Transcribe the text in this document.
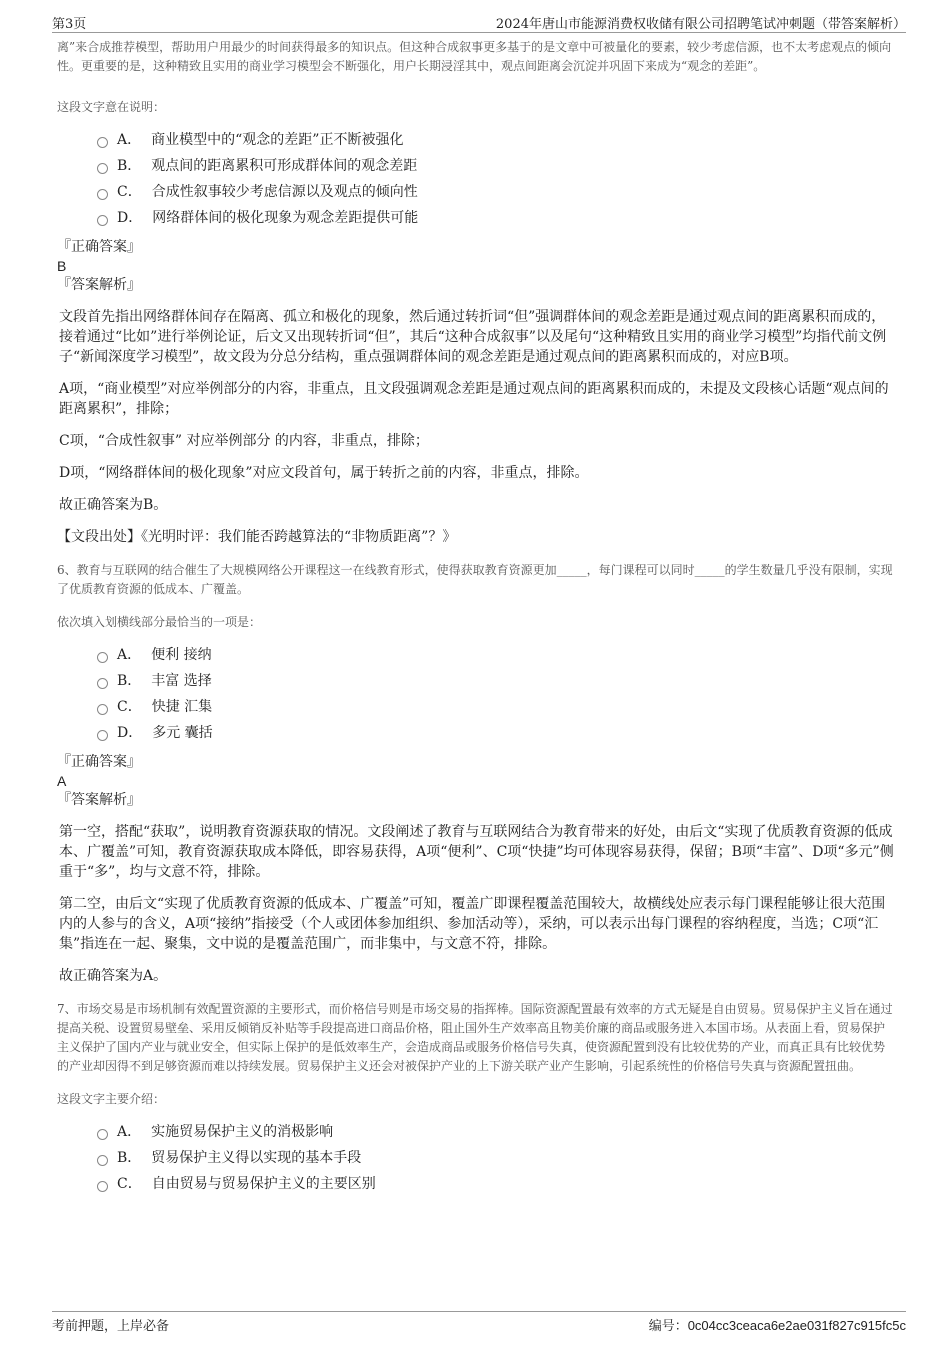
第3页	2024年唐山市能源消费权收储有限公司招聘笔试冲刺题（带答案解析）

离”来合成推荐模型，帮助用户用最少的时间获得最多的知识点。但这种合成叙事更多基于的是文章中可被量化的要素，较少考虑信源，也不太考虑观点的倾向性。更重要的是，这种精致且实用的商业学习模型会不断强化，用户长期浸淫其中，观点间距离会沉淀并巩固下来成为“观念的差距”。

这段文字意在说明：

A． 商业模型中的“观念的差距”正不断被强化
B． 观点间的距离累积可形成群体间的观念差距
C． 合成性叙事较少考虑信源以及观点的倾向性
D． 网络群体间的极化现象为观念差距提供可能

『正确答案』

B

『答案解析』

文段首先指出网络群体间存在隔离、孤立和极化的现象，然后通过转折词“但”强调群体间的观念差距是通过观点间的距离累积而成的，接着通过“比如”进行举例论证，后文又出现转折词“但”，其后“这种合成叙事”以及尾句“这种精致且实用的商业学习模型”均指代前文例子“新闻深度学习模型”，故文段为分总分结构，重点强调群体间的观念差距是通过观点间的距离累积而成的，对应B项。

A项，“商业模型”对应举例部分的内容，非重点，且文段强调观念差距是通过观点间的距离累积而成的，未提及文段核心话题“观点间的距离累积”，排除；

C项，“合成性叙事” 对应举例部分 的内容，非重点，排除；

D项，“网络群体间的极化现象”对应文段首句，属于转折之前的内容，非重点，排除。

故正确答案为B。

【文段出处】《光明时评：我们能否跨越算法的“非物质距离”？》

6、教育与互联网的结合催生了大规模网络公开课程这一在线教育形式，使得获取教育资源更加_____，每门课程可以同时_____的学生数量几乎没有限制，实现了优质教育资源的低成本、广覆盖。

依次填入划横线部分最恰当的一项是：

A． 便利 接纳
B． 丰富 选择
C． 快捷 汇集
D． 多元 囊括

『正确答案』

A

『答案解析』

第一空，搭配“获取”，说明教育资源获取的情况。文段阐述了教育与互联网结合为教育带来的好处，由后文“实现了优质教育资源的低成本、广覆盖”可知，教育资源获取成本降低，即容易获得，A项“便利”、C项“快捷”均可体现容易获得，保留；B项“丰富”、D项“多元”侧重于“多”，均与文意不符，排除。

第二空，由后文“实现了优质教育资源的低成本、广覆盖”可知，覆盖广即课程覆盖范围较大，故横线处应表示每门课程能够让很大范围内的人参与的含义，A项“接纳”指接受（个人或团体参加组织、参加活动等），采纳，可以表示出每门课程的容纳程度，当选；C项“汇集”指连在一起、聚集，文中说的是覆盖范围广，而非集中，与文意不符，排除。

故正确答案为A。

7、市场交易是市场机制有效配置资源的主要形式，而价格信号则是市场交易的指挥棒。国际资源配置最有效率的方式无疑是自由贸易。贸易保护主义旨在通过提高关税、设置贸易壁垒、采用反倾销反补贴等手段提高进口商品价格，阻止国外生产效率高且物美价廉的商品或服务进入本国市场。从表面上看，贸易保护主义保护了国内产业与就业安全，但实际上保护的是低效率生产，会造成商品或服务价格信号失真，使资源配置到没有比较优势的产业，而真正具有比较优势的产业却因得不到足够资源而难以持续发展。贸易保护主义还会对被保护产业的上下游关联产业产生影响，引起系统性的价格信号失真与资源配置扭曲。

这段文字主要介绍：

A． 实施贸易保护主义的消极影响
B． 贸易保护主义得以实现的基本手段
C． 自由贸易与贸易保护主义的主要区别
考前押题，上岸必备	编号：0c04cc3ceaca6e2ae031f827c915fc5c
